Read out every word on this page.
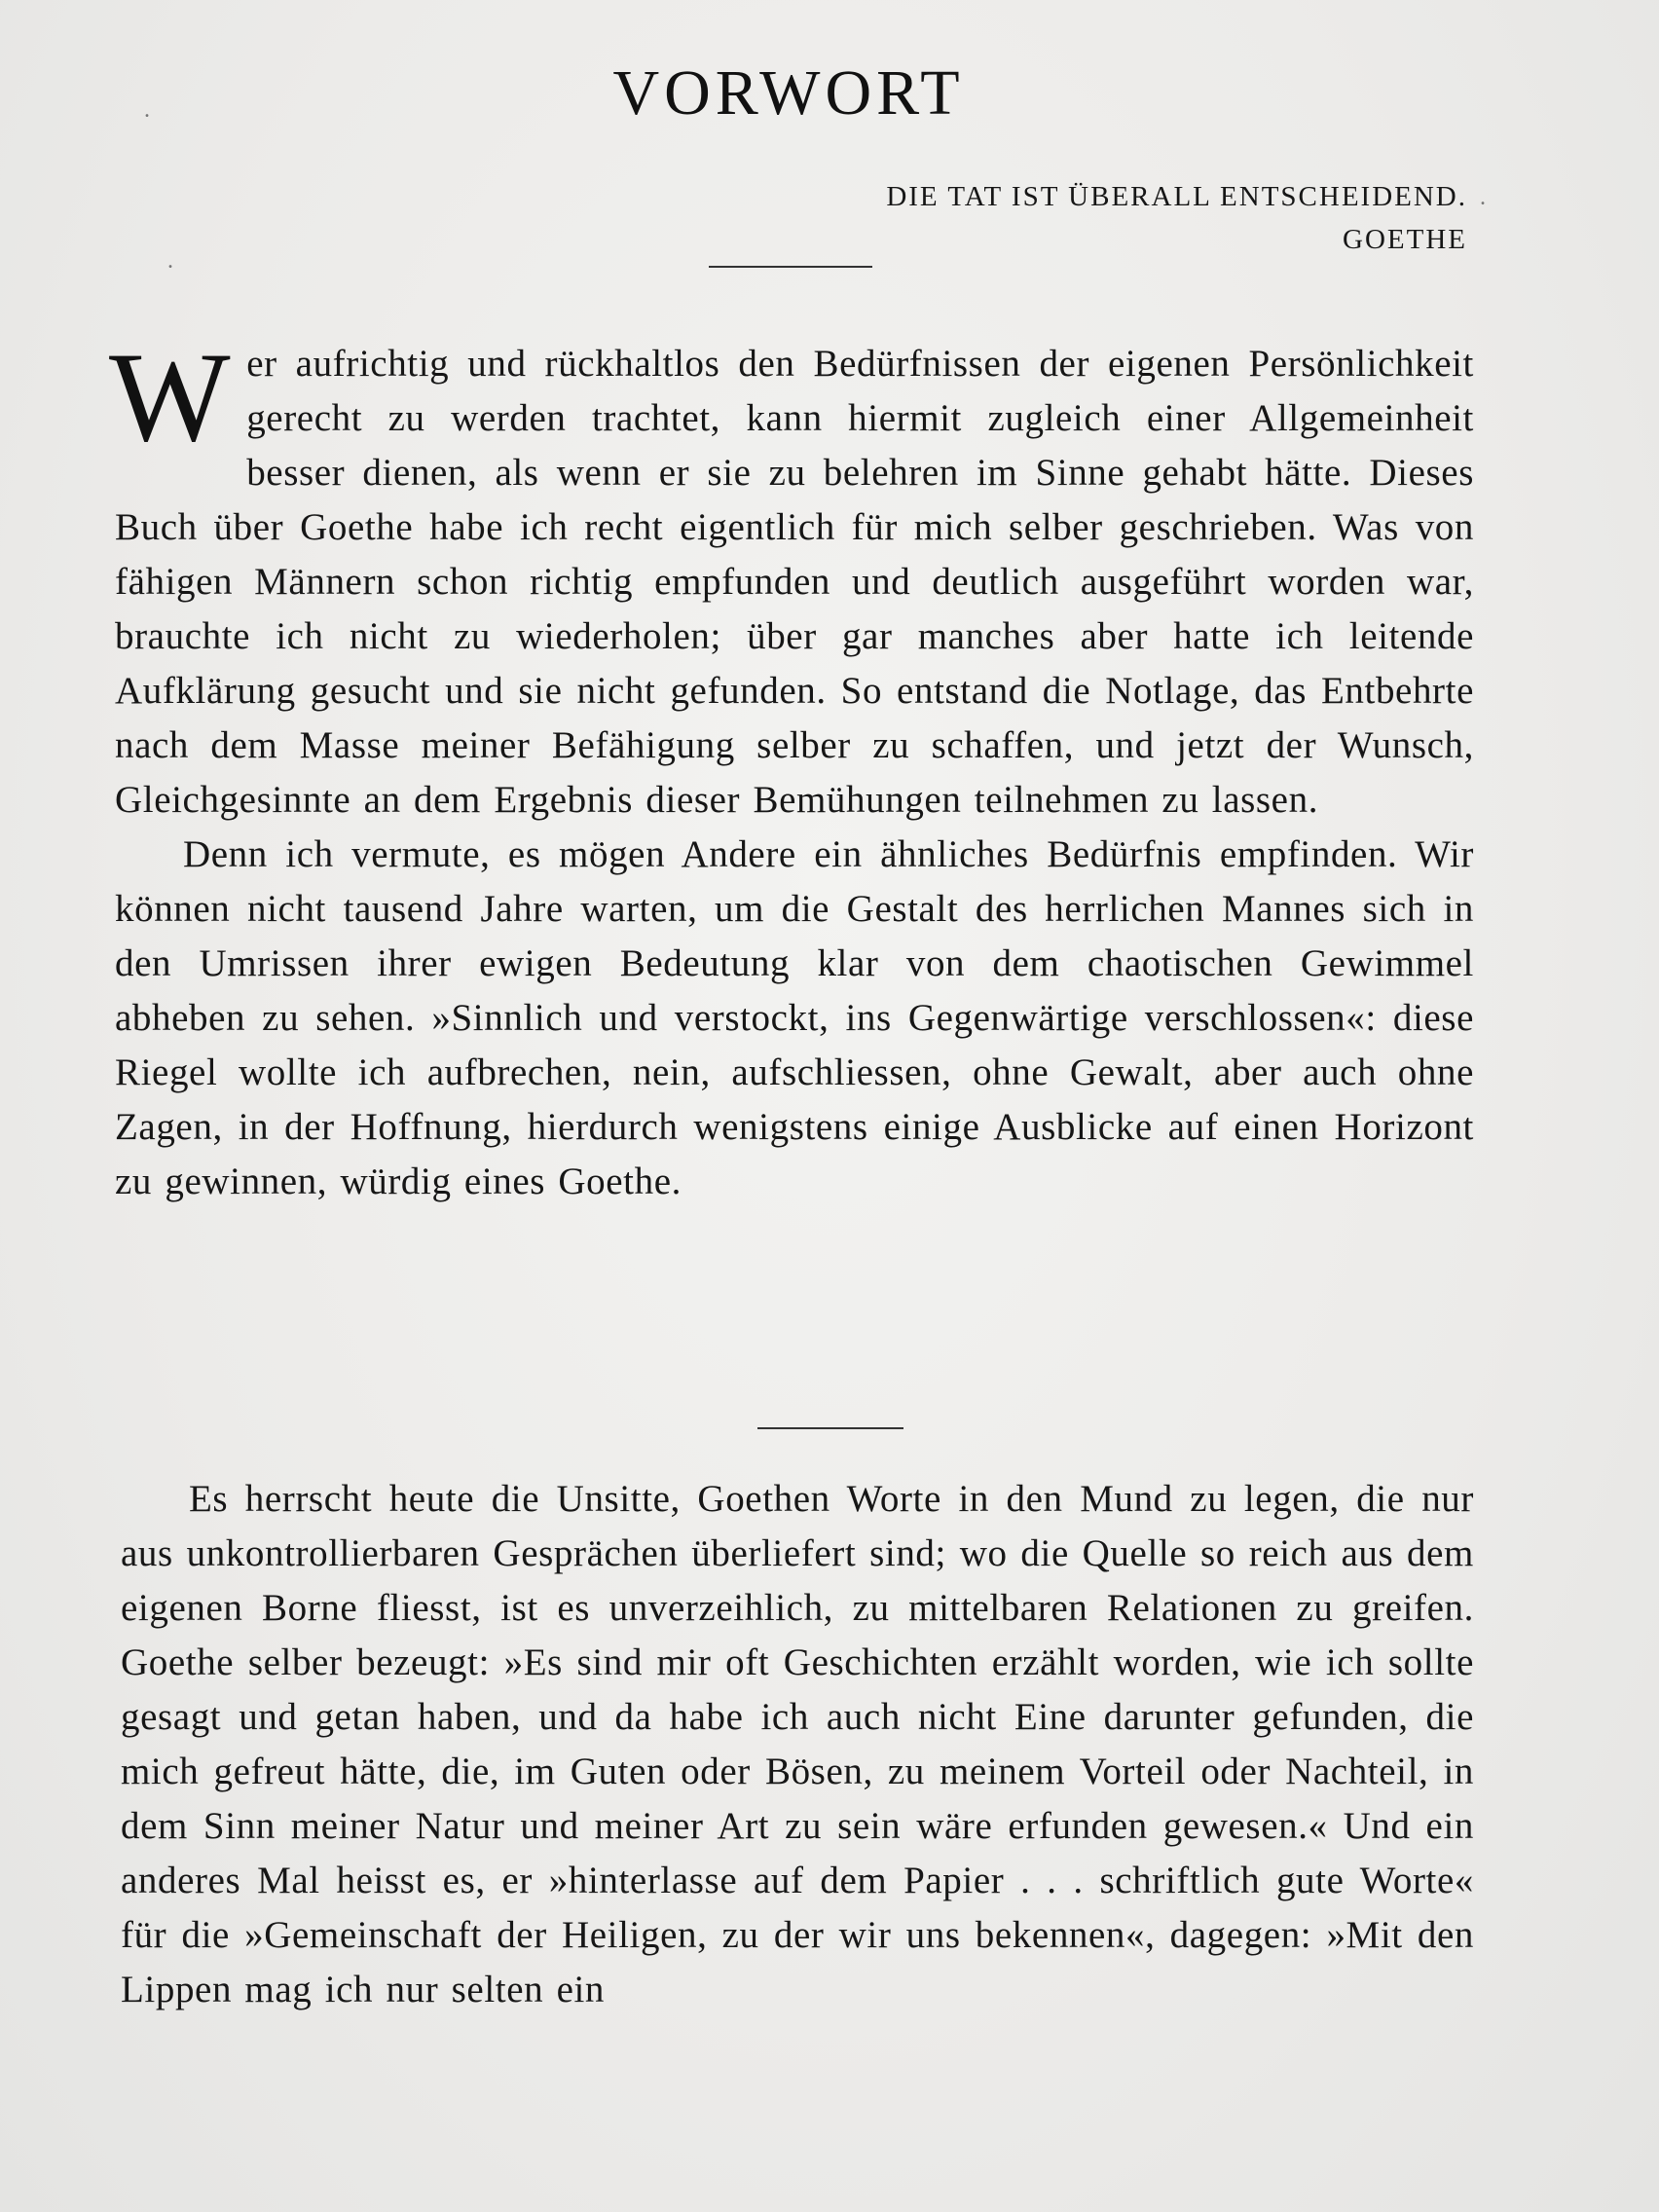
VORWORT
DIE TAT IST ÜBERALL ENTSCHEIDEND.
GOETHE

Wer aufrichtig und rückhaltlos den Bedürfnissen der eigenen Persönlichkeit gerecht zu werden trachtet, kann hiermit zugleich einer Allgemeinheit besser dienen, als wenn er sie zu belehren im Sinne gehabt hätte. Dieses Buch über Goethe habe ich recht eigentlich für mich selber geschrieben. Was von fähigen Männern schon richtig empfunden und deutlich ausgeführt worden war, brauchte ich nicht zu wiederholen; über gar manches aber hatte ich leitende Aufklärung gesucht und sie nicht gefunden. So entstand die Notlage, das Entbehrte nach dem Masse meiner Befähigung selber zu schaffen, und jetzt der Wunsch, Gleichgesinnte an dem Ergebnis dieser Bemühungen teilnehmen zu lassen.

Denn ich vermute, es mögen Andere ein ähnliches Bedürfnis empfinden. Wir können nicht tausend Jahre warten, um die Gestalt des herrlichen Mannes sich in den Umrissen ihrer ewigen Bedeutung klar von dem chaotischen Gewimmel abheben zu sehen. »Sinnlich und verstockt, ins Gegenwärtige verschlossen«: diese Riegel wollte ich aufbrechen, nein, aufschliessen, ohne Gewalt, aber auch ohne Zagen, in der Hoffnung, hierdurch wenigstens einige Ausblicke auf einen Horizont zu gewinnen, würdig eines Goethe.

Es herrscht heute die Unsitte, Goethen Worte in den Mund zu legen, die nur aus unkontrollierbaren Gesprächen überliefert sind; wo die Quelle so reich aus dem eigenen Borne fliesst, ist es unverzeihlich, zu mittelbaren Relationen zu greifen. Goethe selber bezeugt: »Es sind mir oft Geschichten erzählt worden, wie ich sollte gesagt und getan haben, und da habe ich auch nicht Eine darunter gefunden, die mich gefreut hätte, die, im Guten oder Bösen, zu meinem Vorteil oder Nachteil, in dem Sinn meiner Natur und meiner Art zu sein wäre erfunden gewesen.« Und ein anderes Mal heisst es, er »hinterlasse auf dem Papier . . . schriftlich gute Worte« für die »Gemeinschaft der Heiligen, zu der wir uns bekennen«, dagegen: »Mit den Lippen mag ich nur selten ein

.
.
.
